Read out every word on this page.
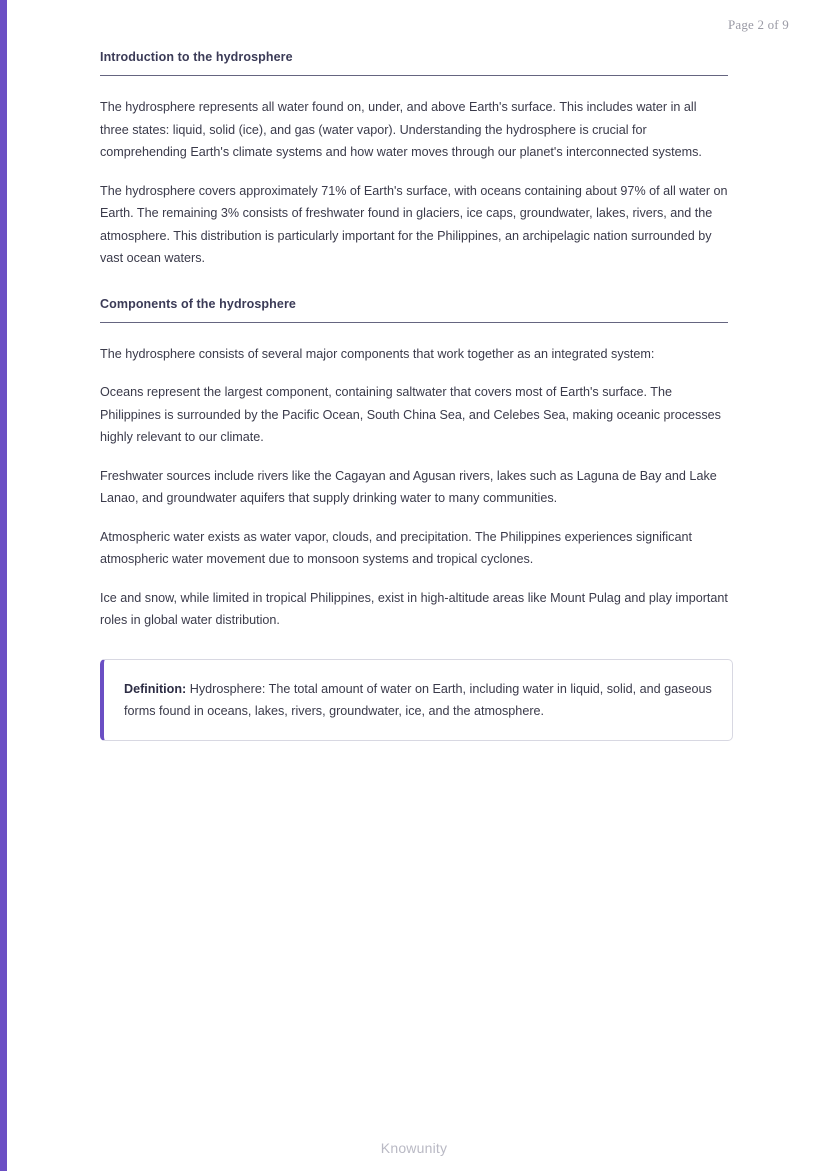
Page 2 of 9
Introduction to the hydrosphere

The hydrosphere represents all water found on, under, and above Earth's surface. This includes water in all three states: liquid, solid (ice), and gas (water vapor). Understanding the hydrosphere is crucial for comprehending Earth's climate systems and how water moves through our planet's interconnected systems.

The hydrosphere covers approximately 71% of Earth's surface, with oceans containing about 97% of all water on Earth. The remaining 3% consists of freshwater found in glaciers, ice caps, groundwater, lakes, rivers, and the atmosphere. This distribution is particularly important for the Philippines, an archipelagic nation surrounded by vast ocean waters.

Components of the hydrosphere

The hydrosphere consists of several major components that work together as an integrated system:

Oceans represent the largest component, containing saltwater that covers most of Earth's surface. The Philippines is surrounded by the Pacific Ocean, South China Sea, and Celebes Sea, making oceanic processes highly relevant to our climate.

Freshwater sources include rivers like the Cagayan and Agusan rivers, lakes such as Laguna de Bay and Lake Lanao, and groundwater aquifers that supply drinking water to many communities.

Atmospheric water exists as water vapor, clouds, and precipitation. The Philippines experiences significant atmospheric water movement due to monsoon systems and tropical cyclones.

Ice and snow, while limited in tropical Philippines, exist in high-altitude areas like Mount Pulag and play important roles in global water distribution.

Definition: Hydrosphere: The total amount of water on Earth, including water in liquid, solid, and gaseous forms found in oceans, lakes, rivers, groundwater, ice, and the atmosphere.

Knowunity
